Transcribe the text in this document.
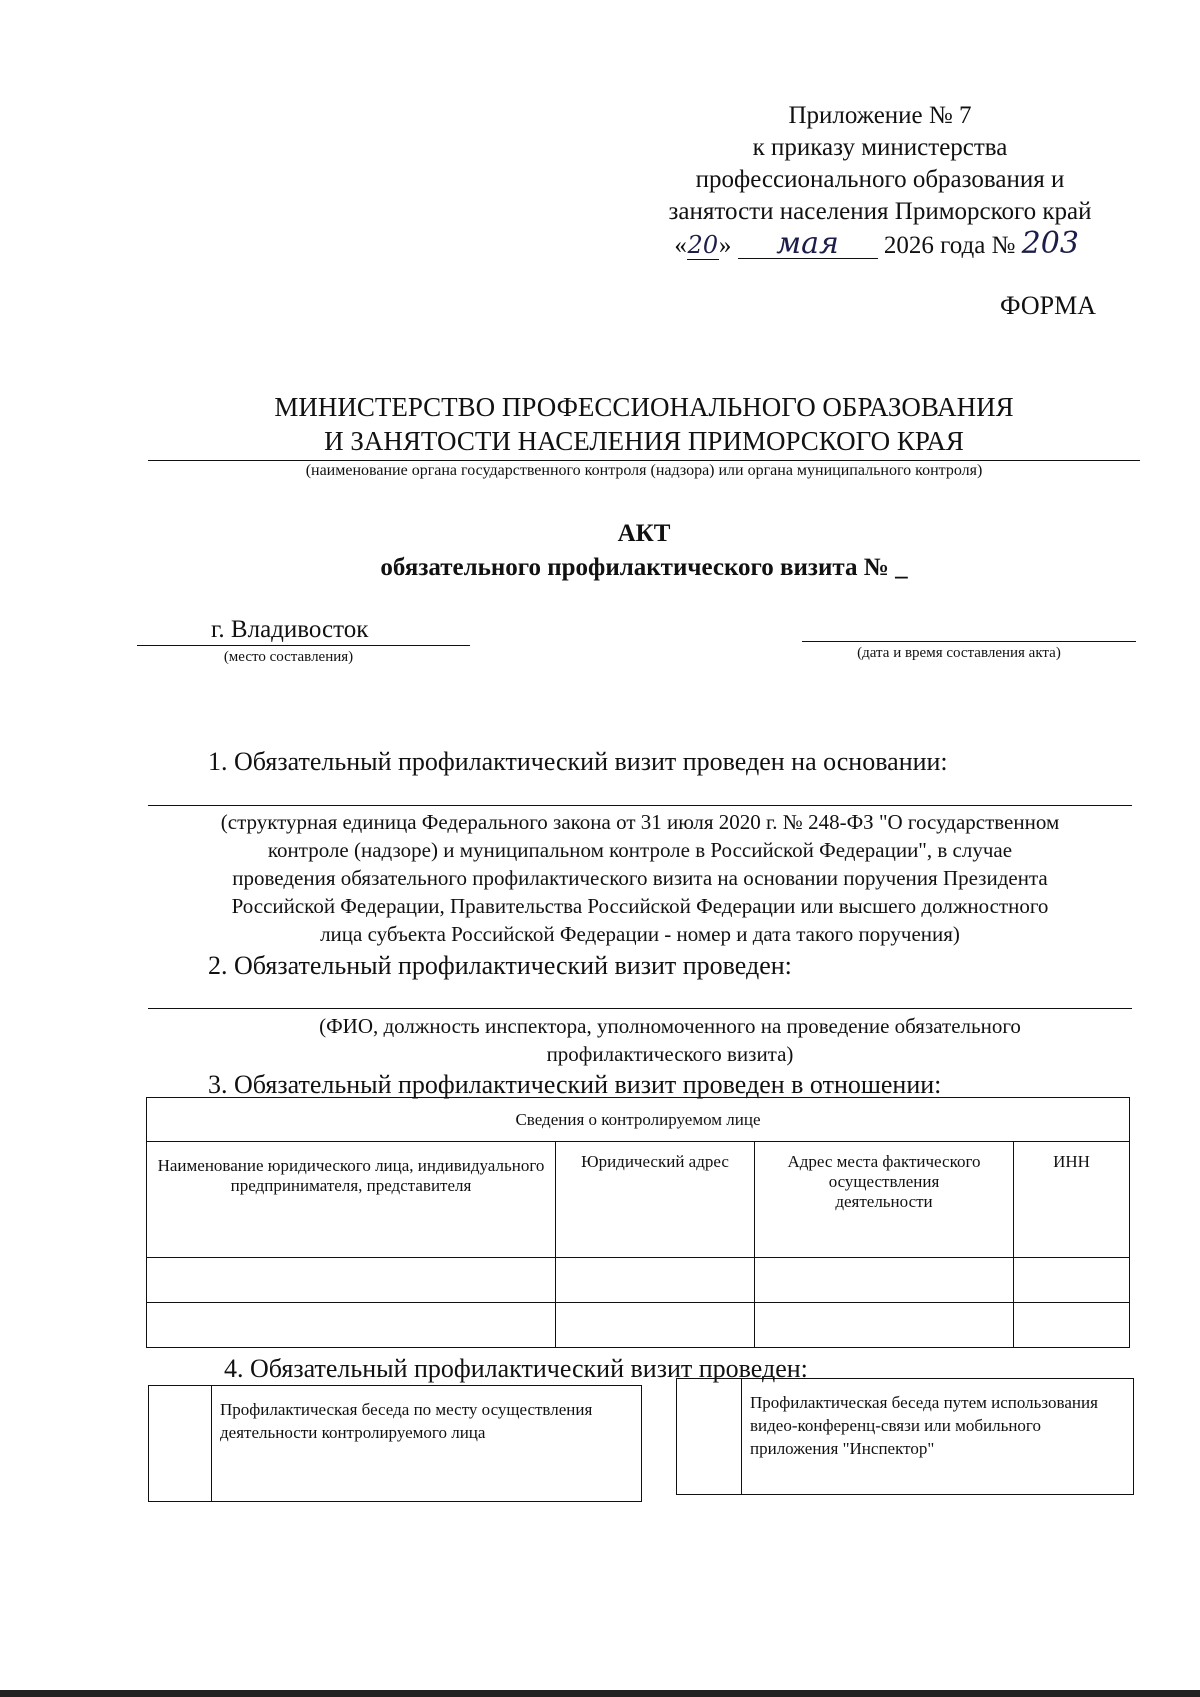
Приложение № 7
к приказу министерства
профессионального образования и
занятости населения Приморского край
«20» мая 2026 года № 203
ФОРМА
МИНИСТЕРСТВО ПРОФЕССИОНАЛЬНОГО ОБРАЗОВАНИЯ
И ЗАНЯТОСТИ НАСЕЛЕНИЯ ПРИМОРСКОГО КРАЯ
(наименование органа государственного контроля (надзора) или органа муниципального контроля)
АКТ
обязательного профилактического визита № _
г. Владивосток
(место составления)	(дата и время составления акта)
1. Обязательный профилактический визит проведен на основании:
(структурная единица Федерального закона от 31 июля 2020 г. № 248-ФЗ "О государственном
контроле (надзоре) и муниципальном контроле в Российской Федерации", в случае
проведения обязательного профилактического визита на основании поручения Президента
Российской Федерации, Правительства Российской Федерации или высшего должностного
лица субъекта Российской Федерации - номер и дата такого поручения)
2. Обязательный профилактический визит проведен:
(ФИО, должность инспектора, уполномоченного на проведение обязательного
профилактического визита)
3. Обязательный профилактический визит проведен в отношении:
Сведения о контролируемом лице			
Наименование юридического лица, индивидуального предпринимателя, представителя	Юридический адрес	Адрес места фактического осуществления деятельности	ИНН

4. Обязательный профилактический визит проведен:
Профилактическая беседа по месту осуществления деятельности контролируемого лица
Профилактическая беседа путем использования видео-конференц-связи или мобильного приложения "Инспектор"
